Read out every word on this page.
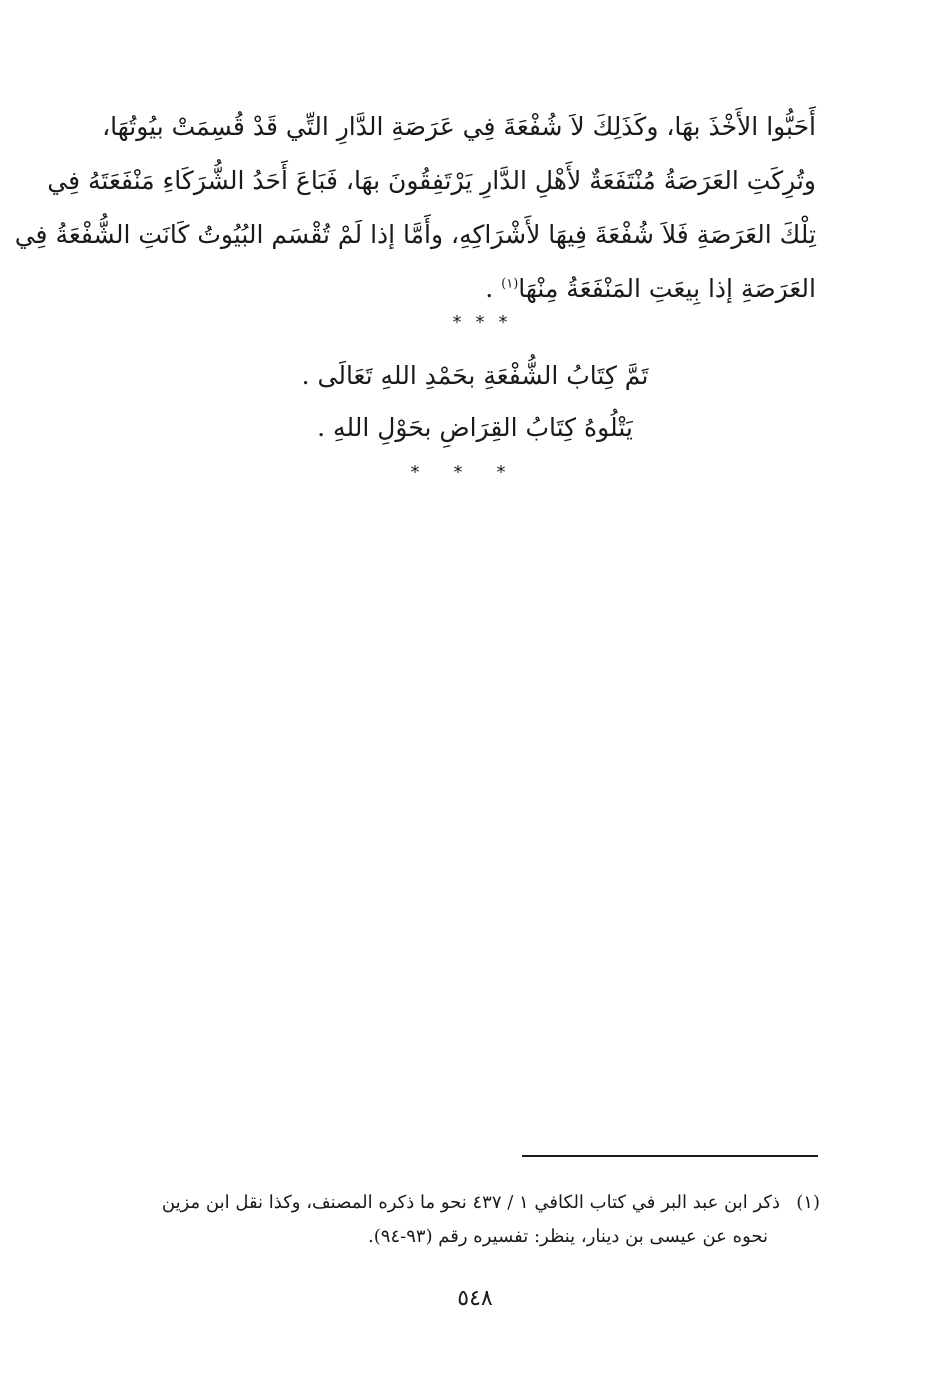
أَحَبُّوا الأَخْذَ بهَا، وكَذَلِكَ لاَ شُفْعَةَ فِي عَرَصَةِ الدَّارِ التِّي قَدْ قُسِمَتْ بيُوتُهَا،
وتُرِكَتِ العَرَصَةُ مُنْتَفَعَةٌ لأَهْلِ الدَّارِ يَرْتَفِقُونَ بهَا، فَبَاعَ أَحَدُ الشُّرَكَاءِ مَنْفَعَتَهُ فِي
تِلْكَ العَرَصَةِ فَلاَ شُفْعَةَ فِيهَا لأَشْرَاكِهِ، وأَمَّا إذا لَمْ تُقْسَم البُيُوتُ كَانَتِ الشُّفْعَةُ فِي
العَرَصَةِ إذا بِيعَتِ المَنْفَعَةُ مِنْهَا$^{(١)}$ .
***
تَمَّ كِتَابُ الشُّفْعَةِ بحَمْدِ اللهِ تَعَالَى .
يَتْلُوهُ كِتَابُ القِرَاضِ بحَوْلِ اللهِ .
***
(١)ذكر ابن عبد البر في كتاب الكافي ١ / ٤٣٧ نحو ما ذكره المصنف، وكذا نقل ابن مزين
نحوه عن عيسى بن دينار، ينظر: تفسيره رقم (٩٣-٩٤).
٥٤٨
